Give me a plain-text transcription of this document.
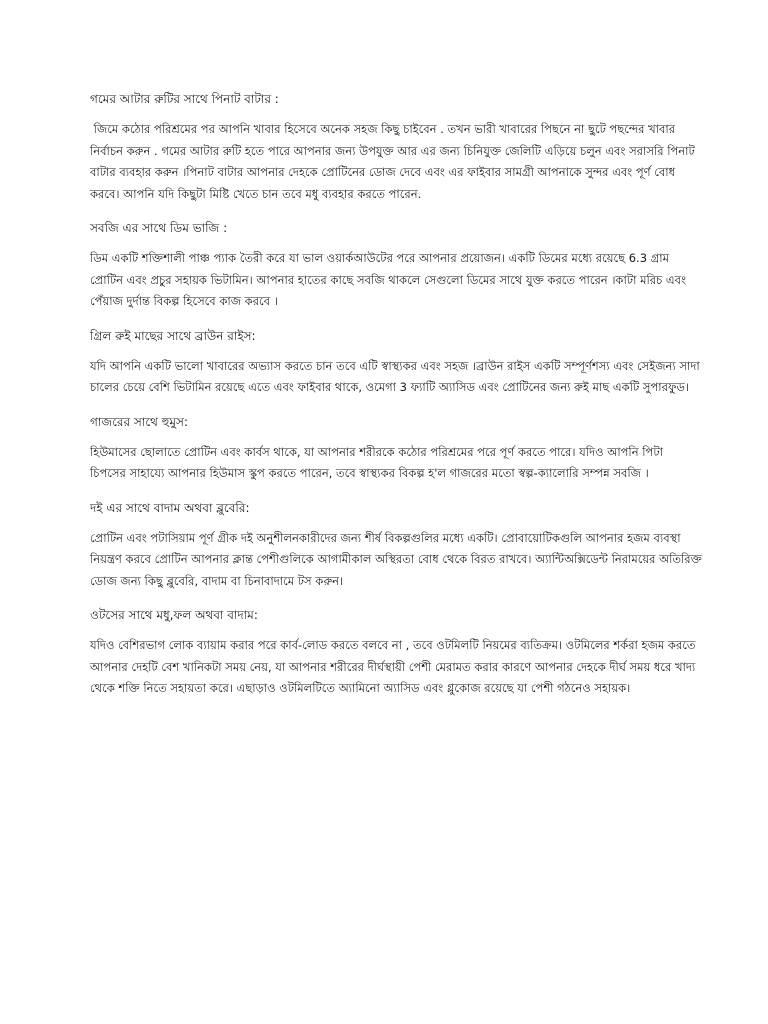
গমের আটার রুটির সাথে পিনাট বাটার :

জিমে কঠোর পরিশ্রমের পর আপনি খাবার হিসেবে অনেক সহজ কিছু চাইবেন . তখন ভারী খাবারের পিছনে না ছুটে পছন্দের খাবার নির্বাচন করুন . গমের আটার রুটি হতে পারে আপনার জন্য উপযুক্ত আর এর জন্য চিনিযুক্ত জেলিটি এড়িয়ে চলুন এবং সরাসরি পিনাট বাটার ব্যবহার করুন ।পিনাট বাটার আপনার দেহকে প্রোটিনের ডোজ দেবে এবং এর ফাইবার সামগ্রী আপনাকে সুন্দর এবং পূর্ণ বোধ করবে। আপনি যদি কিছুটা মিষ্টি খেতে চান তবে মধু ব্যবহার করতে পারেন.

সবজি এর সাথে ডিম ভাজি :

ডিম একটি শক্তিশালী পাঞ্চ প্যাক তৈরী করে যা ভাল ওয়ার্কআউটের পরে আপনার প্রয়োজন। একটি ডিমের মধ্যে রয়েছে 6.3 গ্রাম প্রোটিন এবং প্রচুর সহায়ক ভিটামিন। আপনার হাতের কাছে সবজি থাকলে সেগুলো ডিমের সাথে যুক্ত করতে পারেন ।কাটা মরিচ এবং পেঁয়াজ দুর্দান্ত বিকল্প হিসেবে কাজ করবে ।

গ্রিল রুই মাছের সাথে ব্রাউন রাইস:

যদি আপনি একটি ভালো খাবারের অভ্যাস করতে চান তবে এটি স্বাস্থ্যকর এবং সহজ ।ব্রাউন রাইস একটি সম্পূর্ণশস্য এবং সেইজন্য সাদা চালের চেয়ে বেশি ভিটামিন রয়েছে এতে এবং ফাইবার থাকে, ওমেগা 3 ফ্যাটি অ্যাসিড এবং প্রোটিনের জন্য রুই মাছ একটি সুপারফুড।

গাজরের সাথে হুমুস:

হিউমাসের ছোলাতে প্রোটিন এবং কার্বস থাকে, যা আপনার শরীরকে কঠোর পরিশ্রমের পরে পূর্ণ করতে পারে। যদিও আপনি পিটা চিপসের সাহায্যে আপনার হিউমাস স্কুপ করতে পারেন, তবে স্বাস্থ্যকর বিকল্প হ'ল গাজরের মতো স্বল্প-ক্যালোরি সম্পন্ন সবজি ।

দই এর সাথে বাদাম অথবা ব্লুবেরি:

প্রোটিন এবং পটাসিয়াম পূর্ণ গ্রীক দই অনুশীলনকারীদের জন্য শীর্ষ বিকল্পগুলির মধ্যে একটি। প্রোবায়োটিকগুলি আপনার হজম ব্যবস্থা নিয়ন্ত্রণ করবে প্রোটিন আপনার ক্লান্ত পেশীগুলিকে আগামীকাল অস্থিরতা বোধ থেকে বিরত রাখবে। অ্যান্টিঅক্সিডেন্ট নিরাময়ের অতিরিক্ত ডোজ জন্য কিছু ব্লুবেরি, বাদাম বা চিনাবাদামে টস করুন।

ওটসের সাথে মধু,ফল অথবা বাদাম:

যদিও বেশিরভাগ লোক ব্যায়াম করার পরে কার্ব-লোড করতে বলবে না , তবে ওটমিলটি নিয়মের ব্যতিক্রম। ওটমিলের শর্করা হজম করতে আপনার দেহটি বেশ খানিকটা সময় নেয়, যা আপনার শরীরের দীর্ঘস্থায়ী পেশী মেরামত করার কারণে আপনার দেহকে দীর্ঘ সময় ধরে খাদ্য থেকে শক্তি নিতে সহায়তা করে। এছাড়াও ওটমিলটিতে অ্যামিনো অ্যাসিড এবং গ্লুকোজ রয়েছে যা পেশী গঠনেও সহায়ক।
